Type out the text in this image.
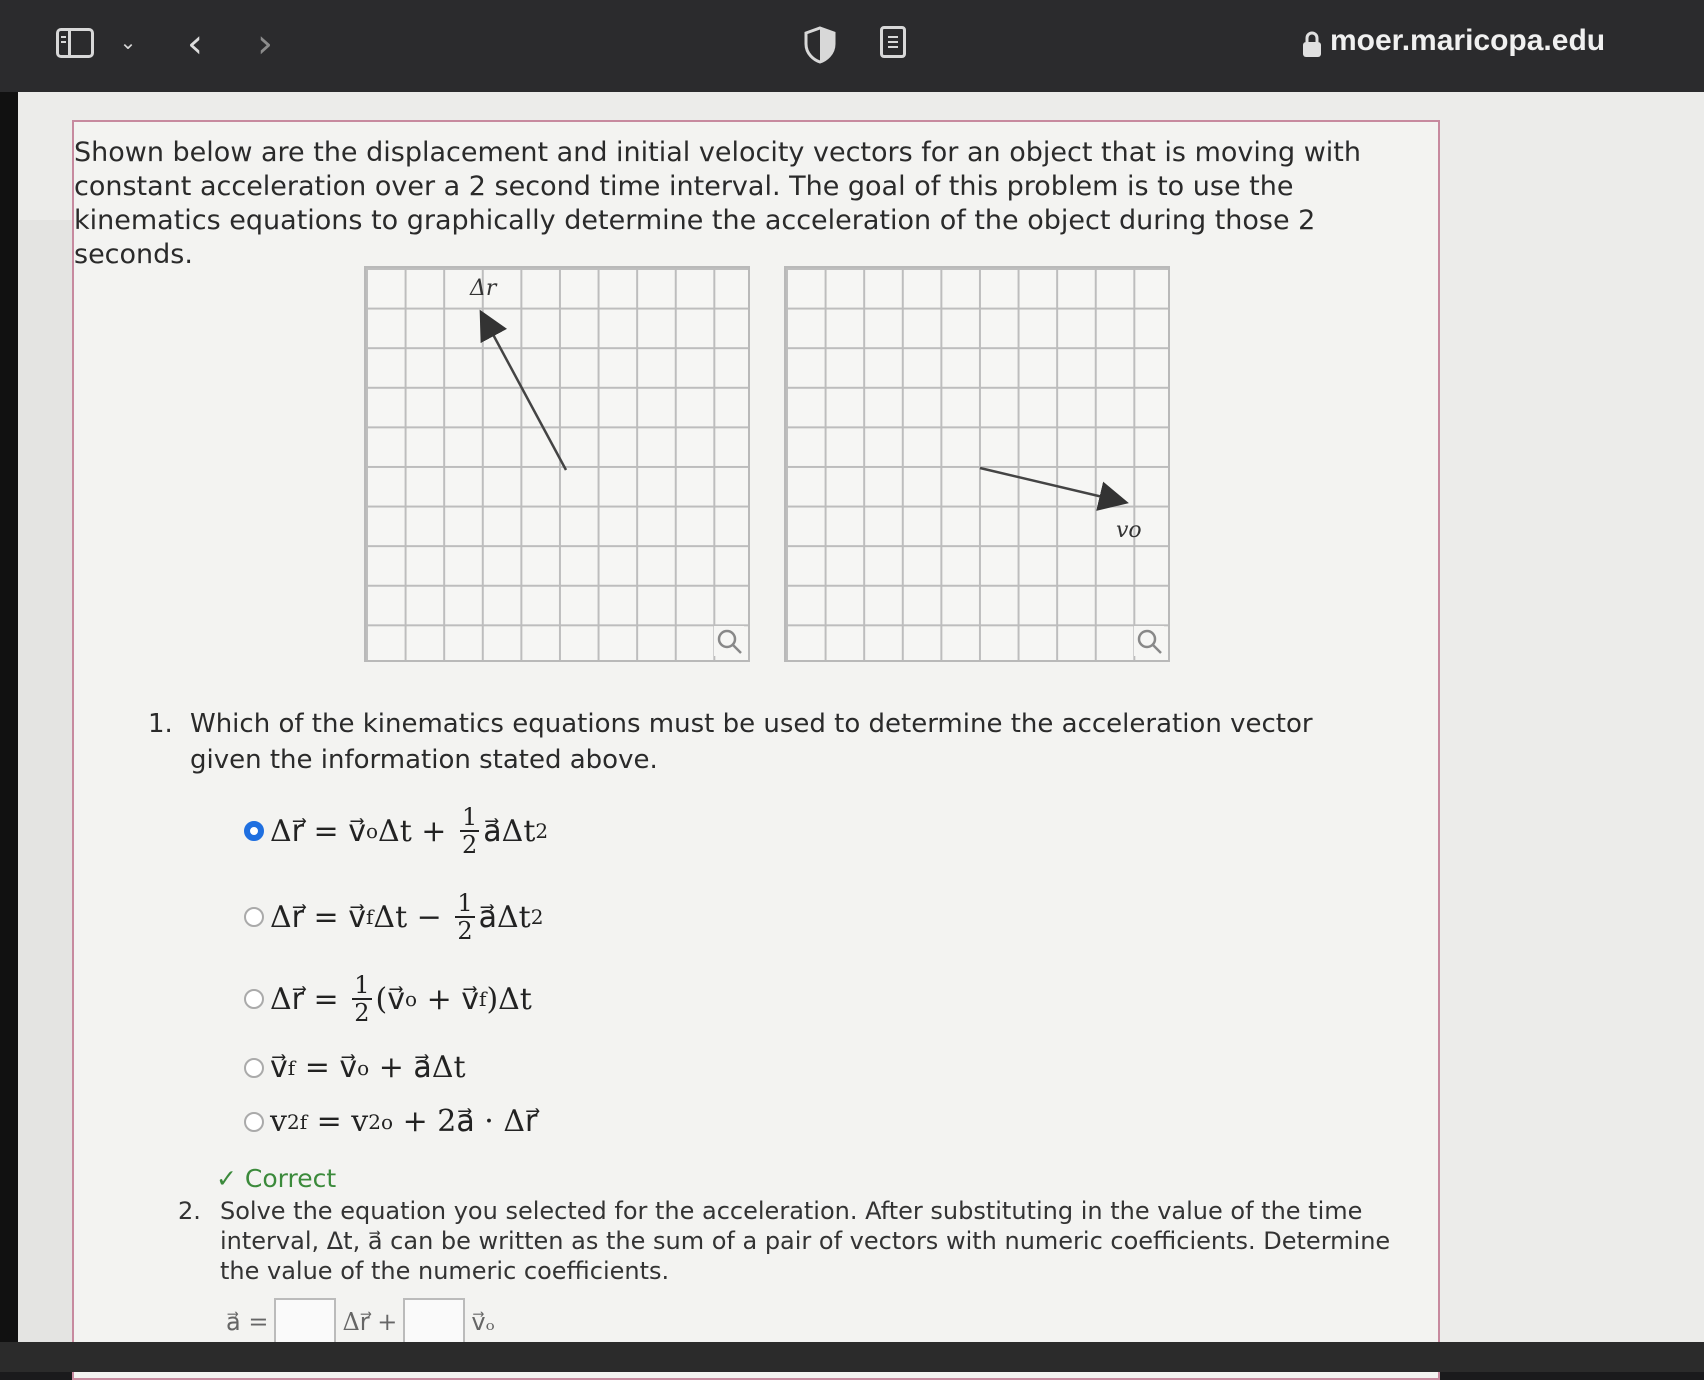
⌄ ‹ ›	moer.maricopa.edu
Shown below are the displacement and initial velocity vectors for an object that is moving with constant acceleration over a 2 second time interval. The goal of this problem is to use the kinematics equations to graphically determine the acceleration of the object during those 2 seconds.
Δr
vo
1. Which of the kinematics equations must be used to determine the acceleration vector given the information stated above.
Δ r⃗ = v⃗ o $\Delta t + \frac{1}{2}$ a⃗ Δt 2
Δ r⃗ = v⃗ f $\Delta t - \frac{1}{2}$ a⃗ Δt 2
Δ r⃗ = $\frac{1}{2}$ ( v⃗ o + v⃗ f )Δt
v⃗ f = v⃗ o + a⃗ Δt
v 2 f = v 2 o + 2 a⃗ · Δ r⃗
✓ Correct
2. Solve the equation you selected for the acceleration. After substituting in the value of the time interval, Δt, a⃗ can be written as the sum of a pair of vectors with numeric coefficients. Determine the value of the numeric coefficients.
a⃗ =	Δr⃗ +	v⃗ₒ
